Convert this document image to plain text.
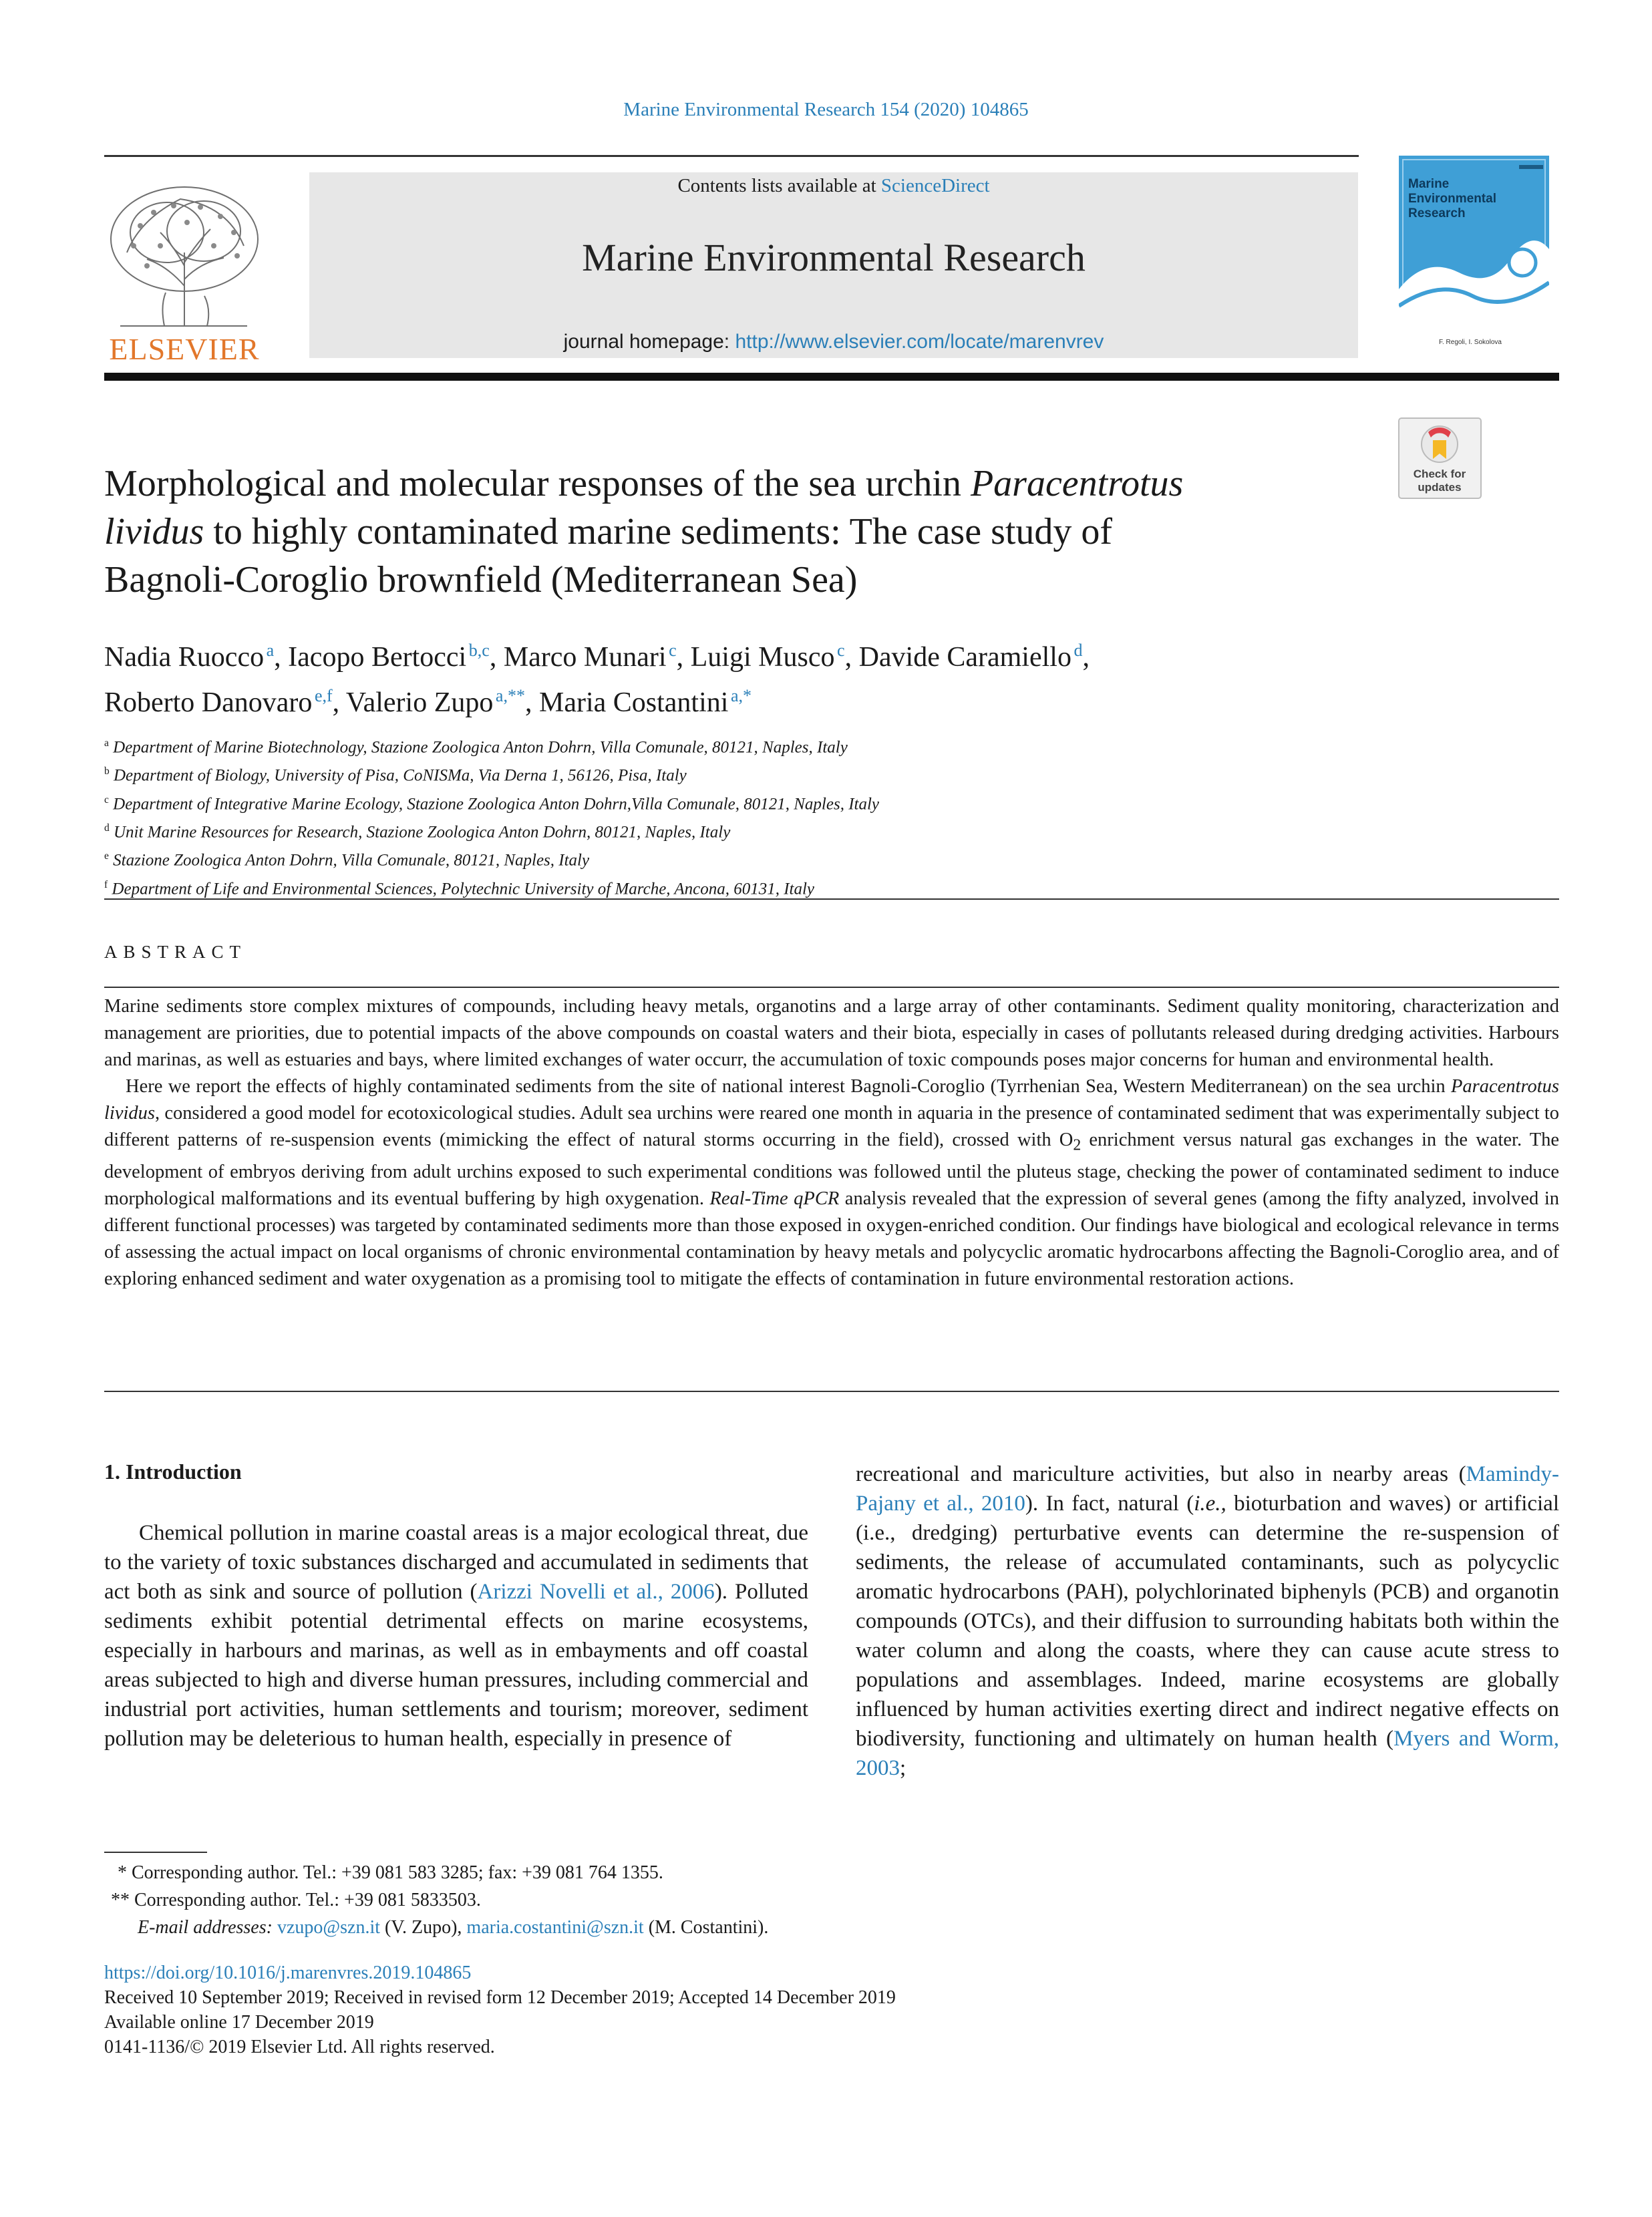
Marine Environmental Research 154 (2020) 104865
ELSEVIER
Contents lists available at ScienceDirect
Marine Environmental Research
journal homepage: http://www.elsevier.com/locate/marenvrev
Marine
Environmental
Research
F. Regoli, I. Sokolova
Check for
updates
Morphological and molecular responses of the sea urchin Paracentrotus
lividus to highly contaminated marine sediments: The case study of
Bagnoli-Coroglio brownfield (Mediterranean Sea)
Nadia Ruocco  $^a$, Iacopo Bertocci  $^{b,c}$, Marco Munari  $^c$, Luigi Musco  $^c$, Davide Caramiello  $^d$,
Roberto Danovaro  $^{e,f}$, Valerio Zupo  $^{a,**}$, Maria Costantini  $^{a,*}$
$^a$ Department of Marine Biotechnology, Stazione Zoologica Anton Dohrn, Villa Comunale, 80121, Naples, Italy
$^b$ Department of Biology, University of Pisa, CoNISMa, Via Derna 1, 56126, Pisa, Italy
$^c$ Department of Integrative Marine Ecology, Stazione Zoologica Anton Dohrn,Villa Comunale, 80121, Naples, Italy
$^d$ Unit Marine Resources for Research, Stazione Zoologica Anton Dohrn, 80121, Naples, Italy
$^e$ Stazione Zoologica Anton Dohrn, Villa Comunale, 80121, Naples, Italy
$^f$ Department of Life and Environmental Sciences, Polytechnic University of Marche, Ancona, 60131, Italy
ABSTRACT

Marine sediments store complex mixtures of compounds, including heavy metals, organotins and a large array of other contaminants. Sediment quality monitoring, characterization and management are priorities, due to potential impacts of the above compounds on coastal waters and their biota, especially in cases of pollutants released during dredging activities. Harbours and marinas, as well as estuaries and bays, where limited exchanges of water occurr, the accumulation of toxic compounds poses major concerns for human and environmental health.

Here we report the effects of highly contaminated sediments from the site of national interest Bagnoli-Coroglio (Tyrrhenian Sea, Western Mediterranean) on the sea urchin Paracentrotus lividus, considered a good model for ecotoxicological studies. Adult sea urchins were reared one month in aquaria in the presence of contaminated sediment that was experimentally subject to different patterns of re-suspension events (mimicking the effect of natural storms occurring in the field), crossed with $O_2$ enrichment versus natural gas exchanges in the water. The development of embryos deriving from adult urchins exposed to such experimental conditions was followed until the pluteus stage, checking the power of contaminated sediment to induce morphological malformations and its eventual buffering by high oxygenation. Real-Time qPCR analysis revealed that the expression of several genes (among the fifty analyzed, involved in different functional processes) was targeted by contaminated sediments more than those exposed in oxygen-enriched condition. Our findings have biological and ecological relevance in terms of assessing the actual impact on local organisms of chronic environmental contamination by heavy metals and polycyclic aromatic hydrocarbons affecting the Bagnoli-Coroglio area, and of exploring enhanced sediment and water oxygenation as a promising tool to mitigate the effects of contamination in future environmental restoration actions.

1. Introduction

Chemical pollution in marine coastal areas is a major ecological threat, due to the variety of toxic substances discharged and accumulated in sediments that act both as sink and source of pollution (Arizzi Novelli et al., 2006). Polluted sediments exhibit potential detrimental effects on marine ecosystems, especially in harbours and marinas, as well as in embayments and off coastal areas subjected to high and diverse human pressures, including commercial and industrial port activities, human settlements and tourism; moreover, sediment pollution may be deleterious to human health, especially in presence of

recreational and mariculture activities, but also in nearby areas (Mamindy-Pajany et al., 2010). In fact, natural (i.e., bioturbation and waves) or artificial (i.e., dredging) perturbative events can determine the re-suspension of sediments, the release of accumulated contaminants, such as polycyclic aromatic hydrocarbons (PAH), polychlorinated biphenyls (PCB) and organotin compounds (OTCs), and their diffusion to surrounding habitats both within the water column and along the coasts, where they can cause acute stress to populations and assemblages. Indeed, marine ecosystems are globally influenced by human activities exerting direct and indirect negative effects on biodiversity, functioning and ultimately on human health (Myers and Worm, 2003;

* Corresponding author. Tel.: +39 081 583 3285; fax: +39 081 764 1355.
** Corresponding author. Tel.: +39 081 5833503.
E-mail addresses: vzupo@szn.it (V. Zupo), maria.costantini@szn.it (M. Costantini).
https://doi.org/10.1016/j.marenvres.2019.104865
Received 10 September 2019; Received in revised form 12 December 2019; Accepted 14 December 2019
Available online 17 December 2019
0141-1136/© 2019 Elsevier Ltd. All rights reserved.
